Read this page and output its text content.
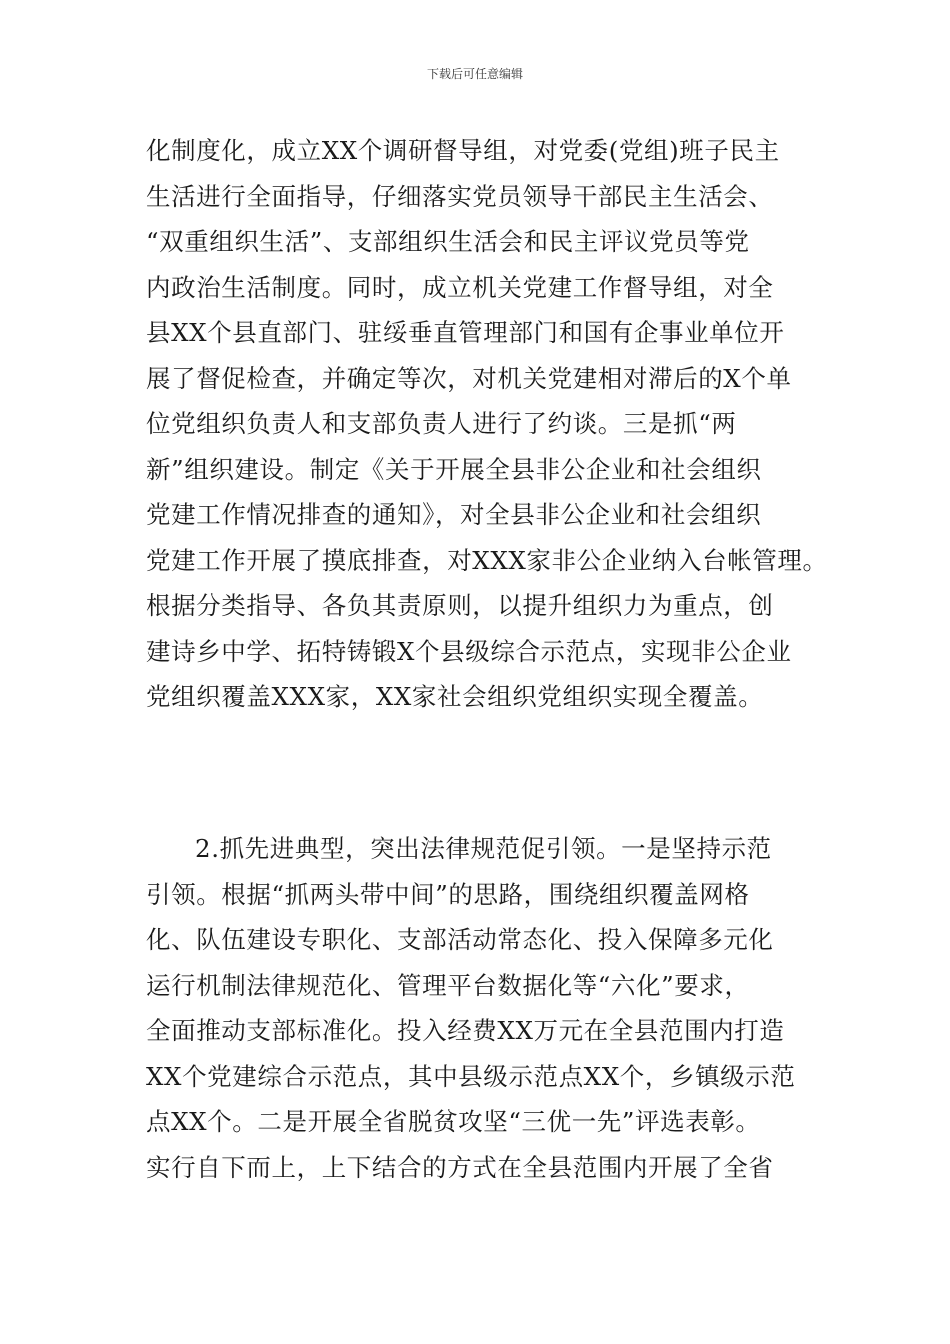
下载后可任意编辑
化制度化，成立XX个调研督导组，对党委(党组)班子民主
生活进行全面指导，仔细落实党员领导干部民主生活会、
“双重组织生活”、支部组织生活会和民主评议党员等党
内政治生活制度。同时，成立机关党建工作督导组，对全
县XX个县直部门、驻绥垂直管理部门和国有企事业单位开
展了督促检查，并确定等次，对机关党建相对滞后的X个单
位党组织负责人和支部负责人进行了约谈。三是抓“两
新”组织建设。制定《关于开展全县非公企业和社会组织
党建工作情况排查的通知》，对全县非公企业和社会组织
党建工作开展了摸底排查，对XXX家非公企业纳入台帐管理。
根据分类指导、各负其责原则，以提升组织力为重点，创
建诗乡中学、拓特铸锻X个县级综合示范点，实现非公企业
党组织覆盖XXX家，XX家社会组织党组织实现全覆盖。
2.抓先进典型，突出法律规范促引领。一是坚持示范
引领。根据“抓两头带中间”的思路，围绕组织覆盖网格
化、队伍建设专职化、支部活动常态化、投入保障多元化
运行机制法律规范化、管理平台数据化等“六化”要求，
全面推动支部标准化。投入经费XX万元在全县范围内打造
XX个党建综合示范点，其中县级示范点XX个，乡镇级示范
点XX个。二是开展全省脱贫攻坚“三优一先”评选表彰。
实行自下而上，上下结合的方式在全县范围内开展了全省
